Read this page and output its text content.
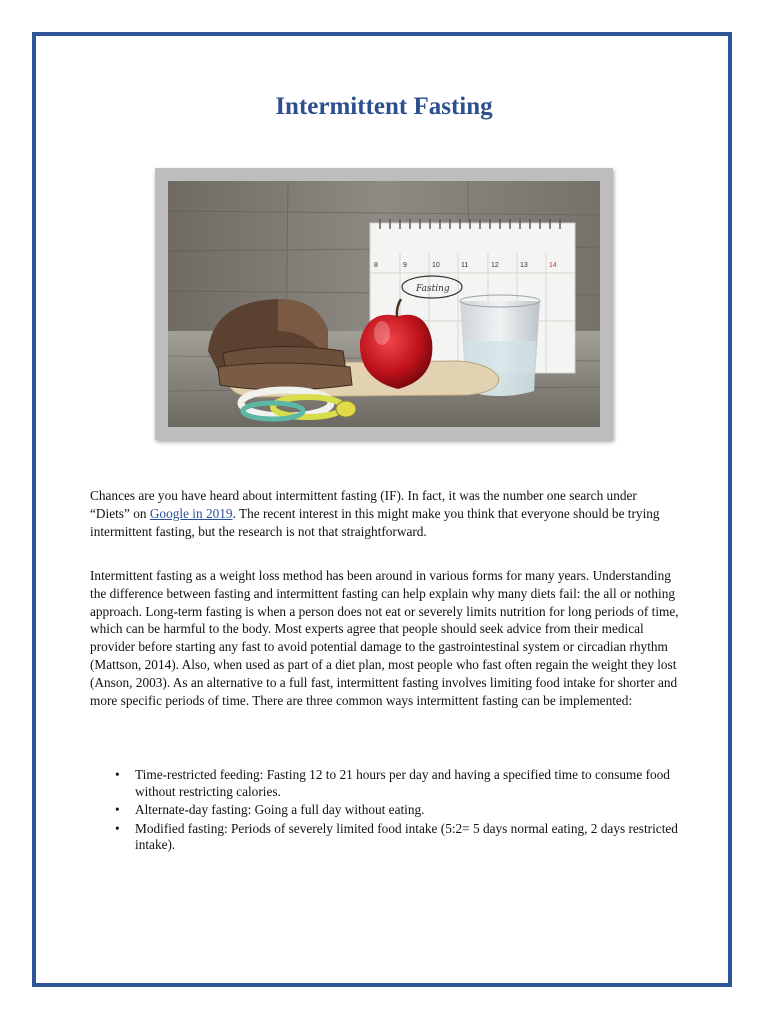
Intermittent Fasting
8	9	10	11	12	13	14
Fasting

Chances are you have heard about intermittent fasting (IF). In fact, it was the number one search under “Diets” on Google in 2019. The recent interest in this might make you think that everyone should be trying intermittent fasting, but the research is not that straightforward.

Intermittent fasting as a weight loss method has been around in various forms for many years. Understanding the difference between fasting and intermittent fasting can help explain why many diets fail: the all or nothing approach. Long-term fasting is when a person does not eat or severely limits nutrition for long periods of time, which can be harmful to the body. Most experts agree that people should seek advice from their medical provider before starting any fast to avoid potential damage to the gastrointestinal system or circadian rhythm (Mattson, 2014). Also, when used as part of a diet plan, most people who fast often regain the weight they lost (Anson, 2003). As an alternative to a full fast, intermittent fasting involves limiting food intake for shorter and more specific periods of time. There are three common ways intermittent fasting can be implemented:

• Time-restricted feeding: Fasting 12 to 21 hours per day and having a specified time to consume food without restricting calories.
• Alternate-day fasting: Going a full day without eating.
• Modified fasting: Periods of severely limited food intake (5:2= 5 days normal eating, 2 days restricted intake).
